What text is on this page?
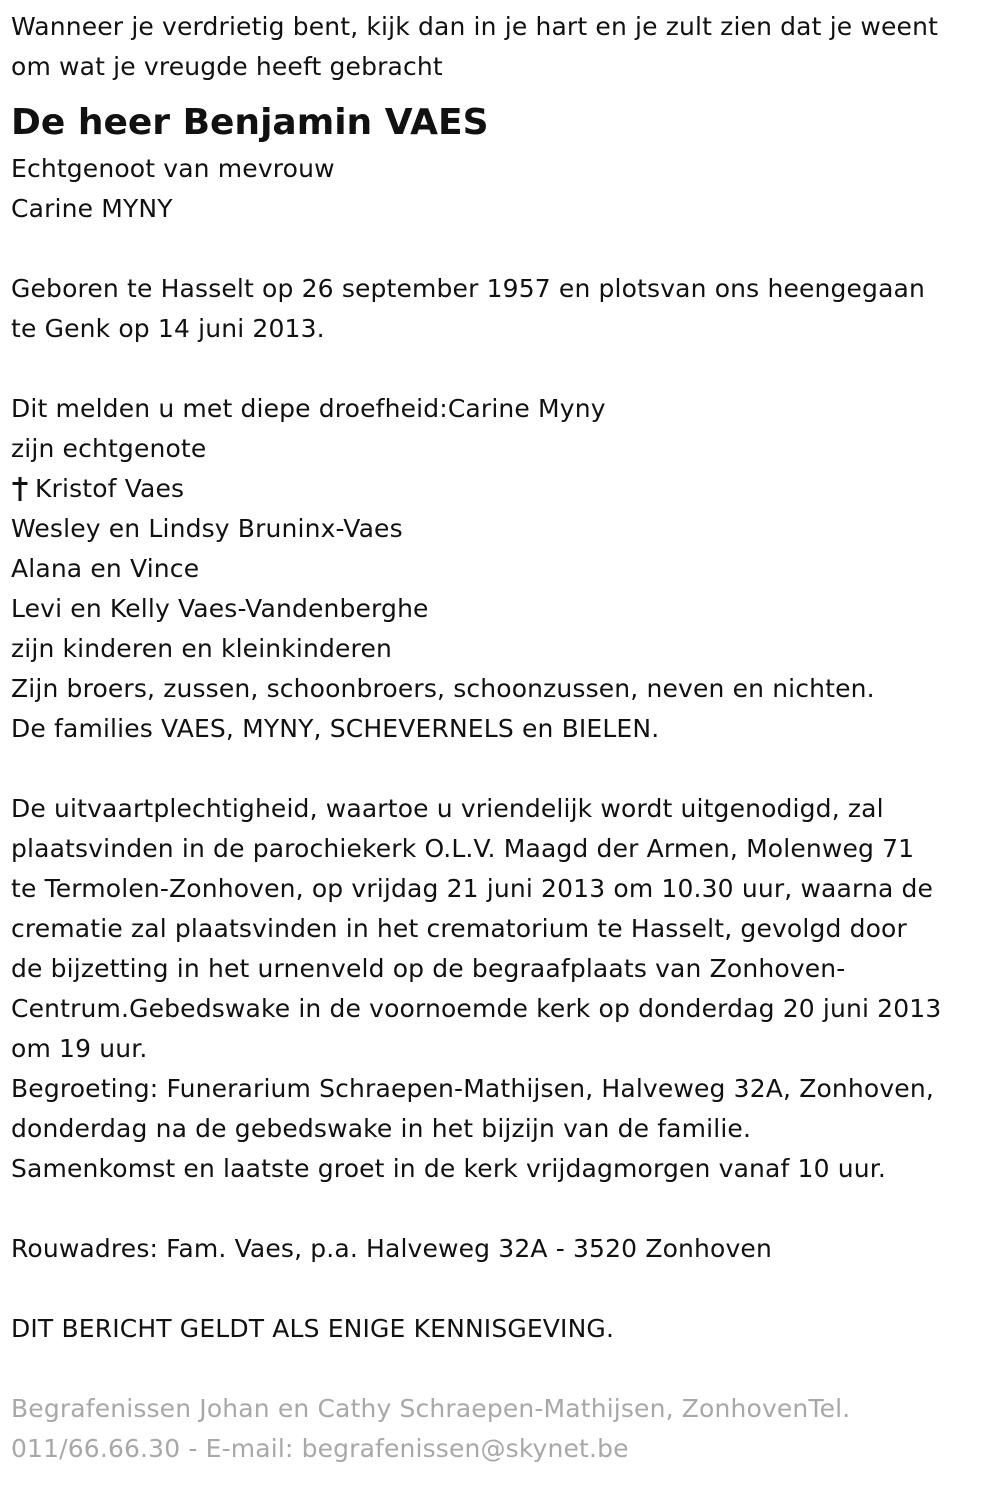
Wanneer je verdrietig bent, kijk dan in je hart en je zult zien dat je weent
om wat je vreugde heeft gebracht
De heer Benjamin VAES
Echtgenoot van mevrouw
Carine MYNY
Geboren te Hasselt op 26 september 1957 en plotsvan ons heengegaan
te Genk op 14 juni 2013.
Dit melden u met diepe droefheid:Carine Myny
zijn echtgenote
Kristof Vaes
Wesley en Lindsy Bruninx-Vaes
Alana en Vince
Levi en Kelly Vaes-Vandenberghe
zijn kinderen en kleinkinderen
Zijn broers, zussen, schoonbroers, schoonzussen, neven en nichten.
De families VAES, MYNY, SCHEVERNELS en BIELEN.
De uitvaartplechtigheid, waartoe u vriendelijk wordt uitgenodigd, zal
plaatsvinden in de parochiekerk O.L.V. Maagd der Armen, Molenweg 71
te Termolen-Zonhoven, op vrijdag 21 juni 2013 om 10.30 uur, waarna de
crematie zal plaatsvinden in het crematorium te Hasselt, gevolgd door
de bijzetting in het urnenveld op de begraafplaats van Zonhoven-
Centrum.Gebedswake in de voornoemde kerk op donderdag 20 juni 2013
om 19 uur.
Begroeting: Funerarium Schraepen-Mathijsen, Halveweg 32A, Zonhoven,
donderdag na de gebedswake in het bijzijn van de familie.
Samenkomst en laatste groet in de kerk vrijdagmorgen vanaf 10 uur.
Rouwadres: Fam. Vaes, p.a. Halveweg 32A - 3520 Zonhoven
DIT BERICHT GELDT ALS ENIGE KENNISGEVING.
Begrafenissen Johan en Cathy Schraepen-Mathijsen, ZonhovenTel.
011/66.66.30 - E-mail: begrafenissen@skynet.be
